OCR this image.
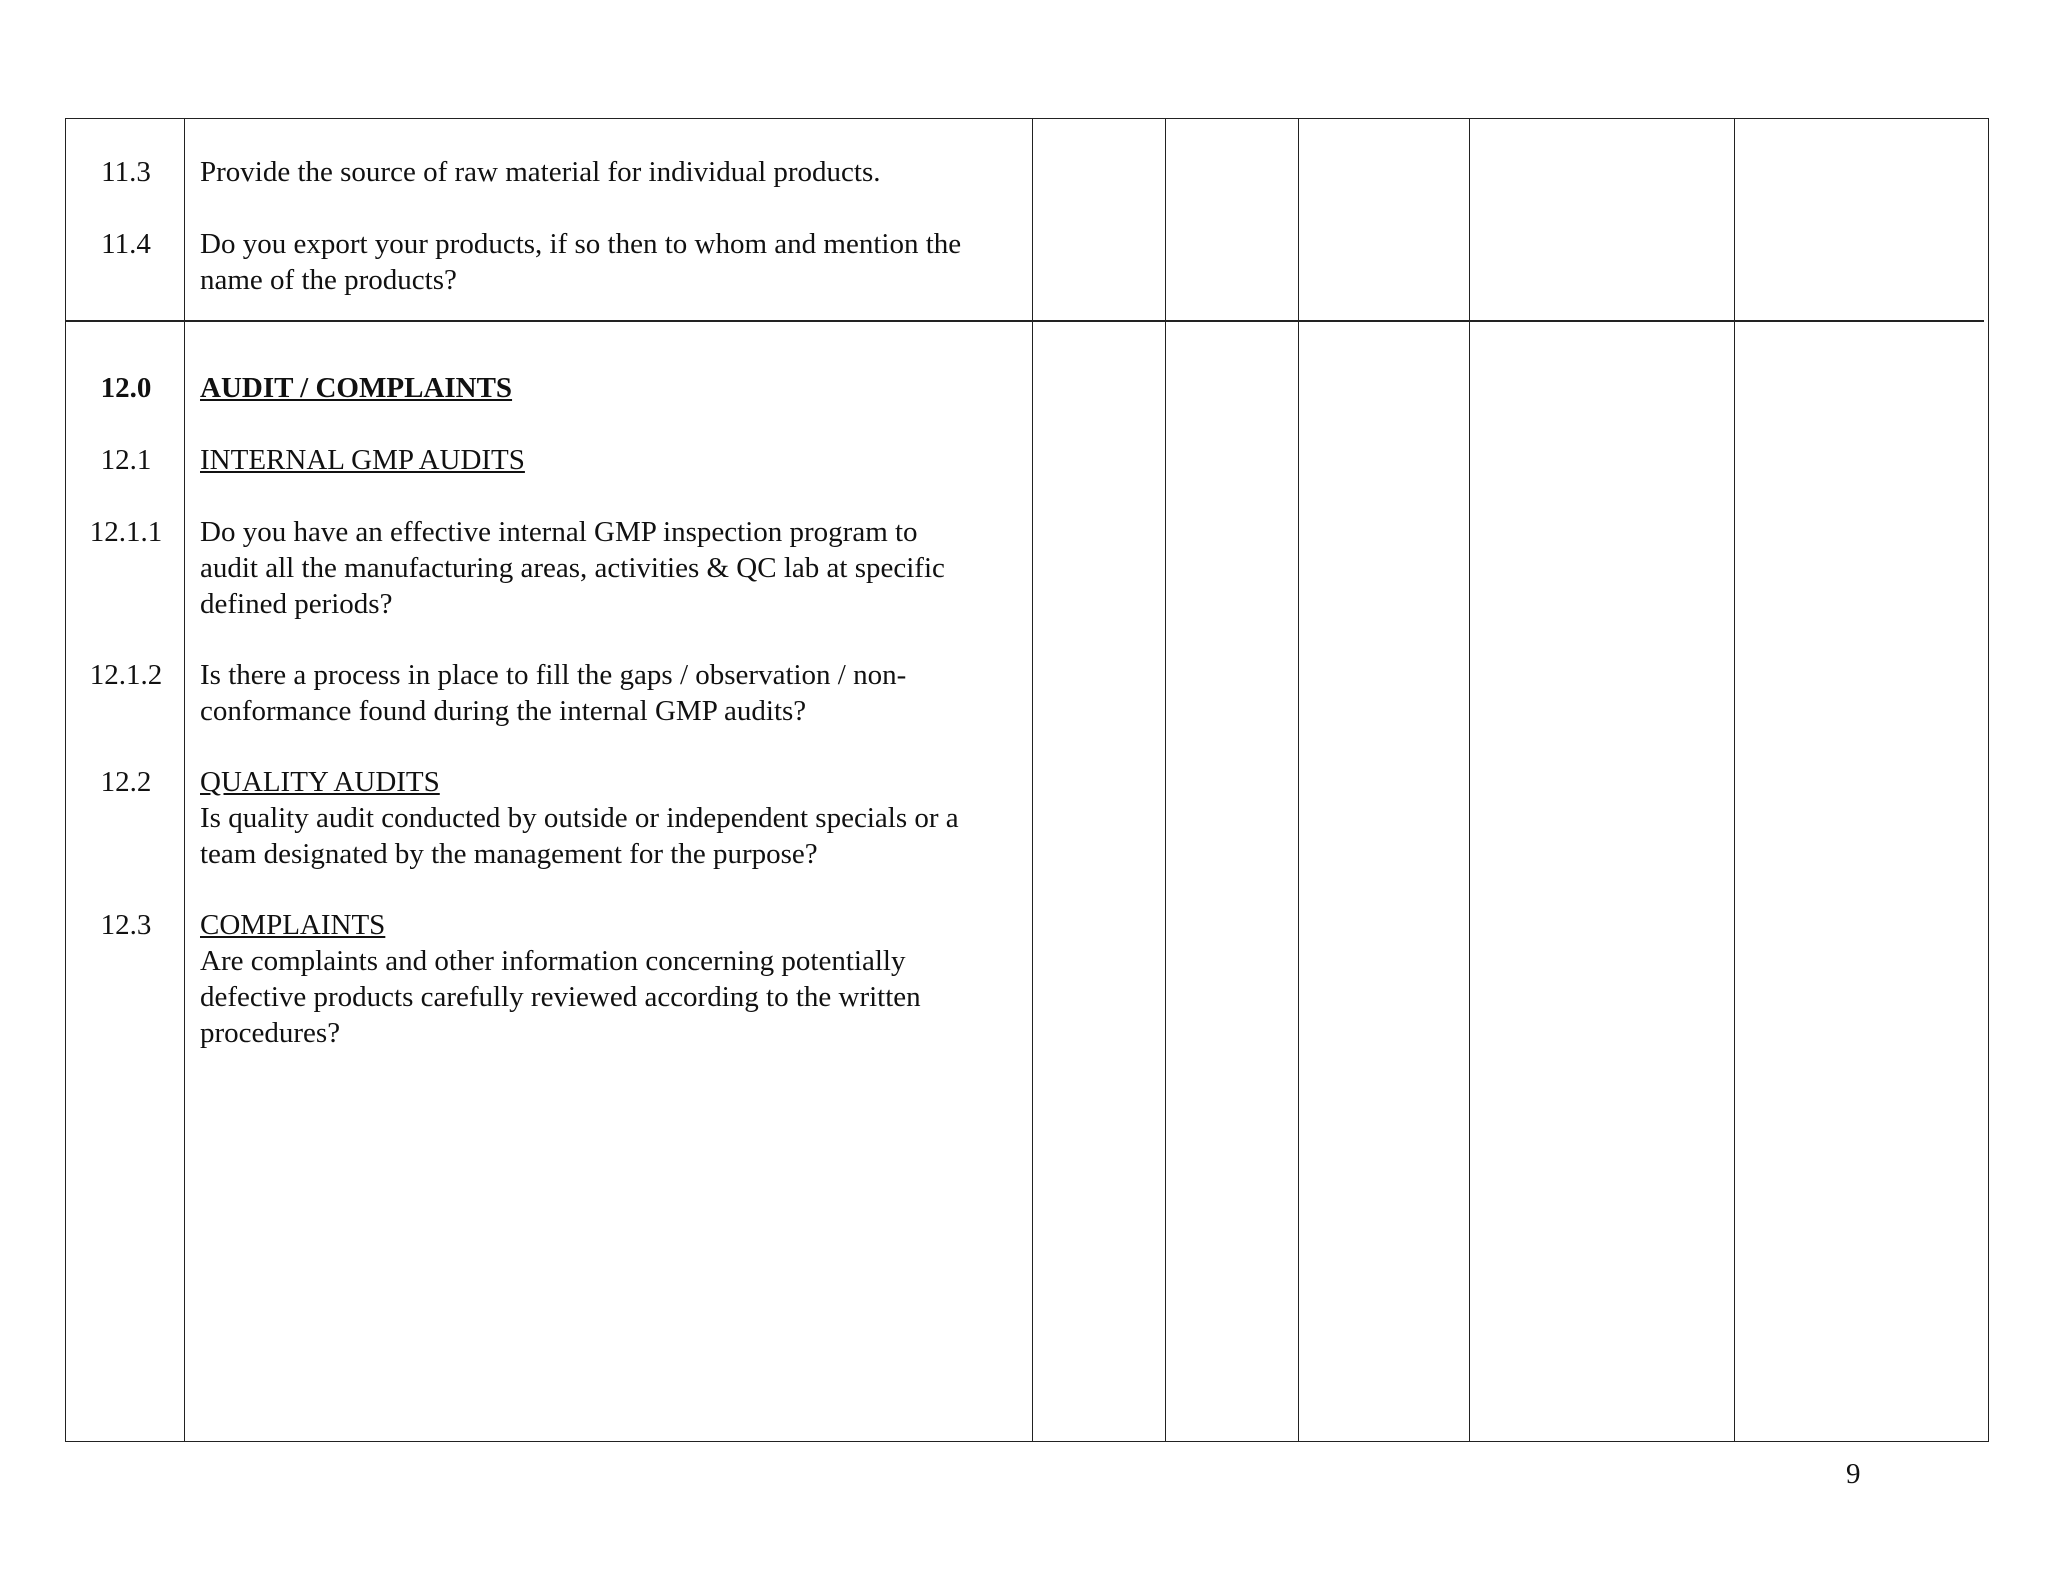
11.3	Provide the source of raw material for individual products.
11.4	Do you export your products, if so then to whom and mention the
name of the products?
12.0	AUDIT / COMPLAINTS
12.1	INTERNAL GMP AUDITS
12.1.1	Do you have an effective internal GMP inspection program to
audit all the manufacturing areas, activities & QC lab at specific
defined periods?
12.1.2	Is there a process in place to fill the gaps / observation / non-
conformance found during the internal GMP audits?
12.2	QUALITY AUDITS
Is quality audit conducted by outside or independent specials or a
team designated by the management for the purpose?
12.3	COMPLAINTS
Are complaints and other information concerning potentially
defective products carefully reviewed according to the written
procedures?
9
